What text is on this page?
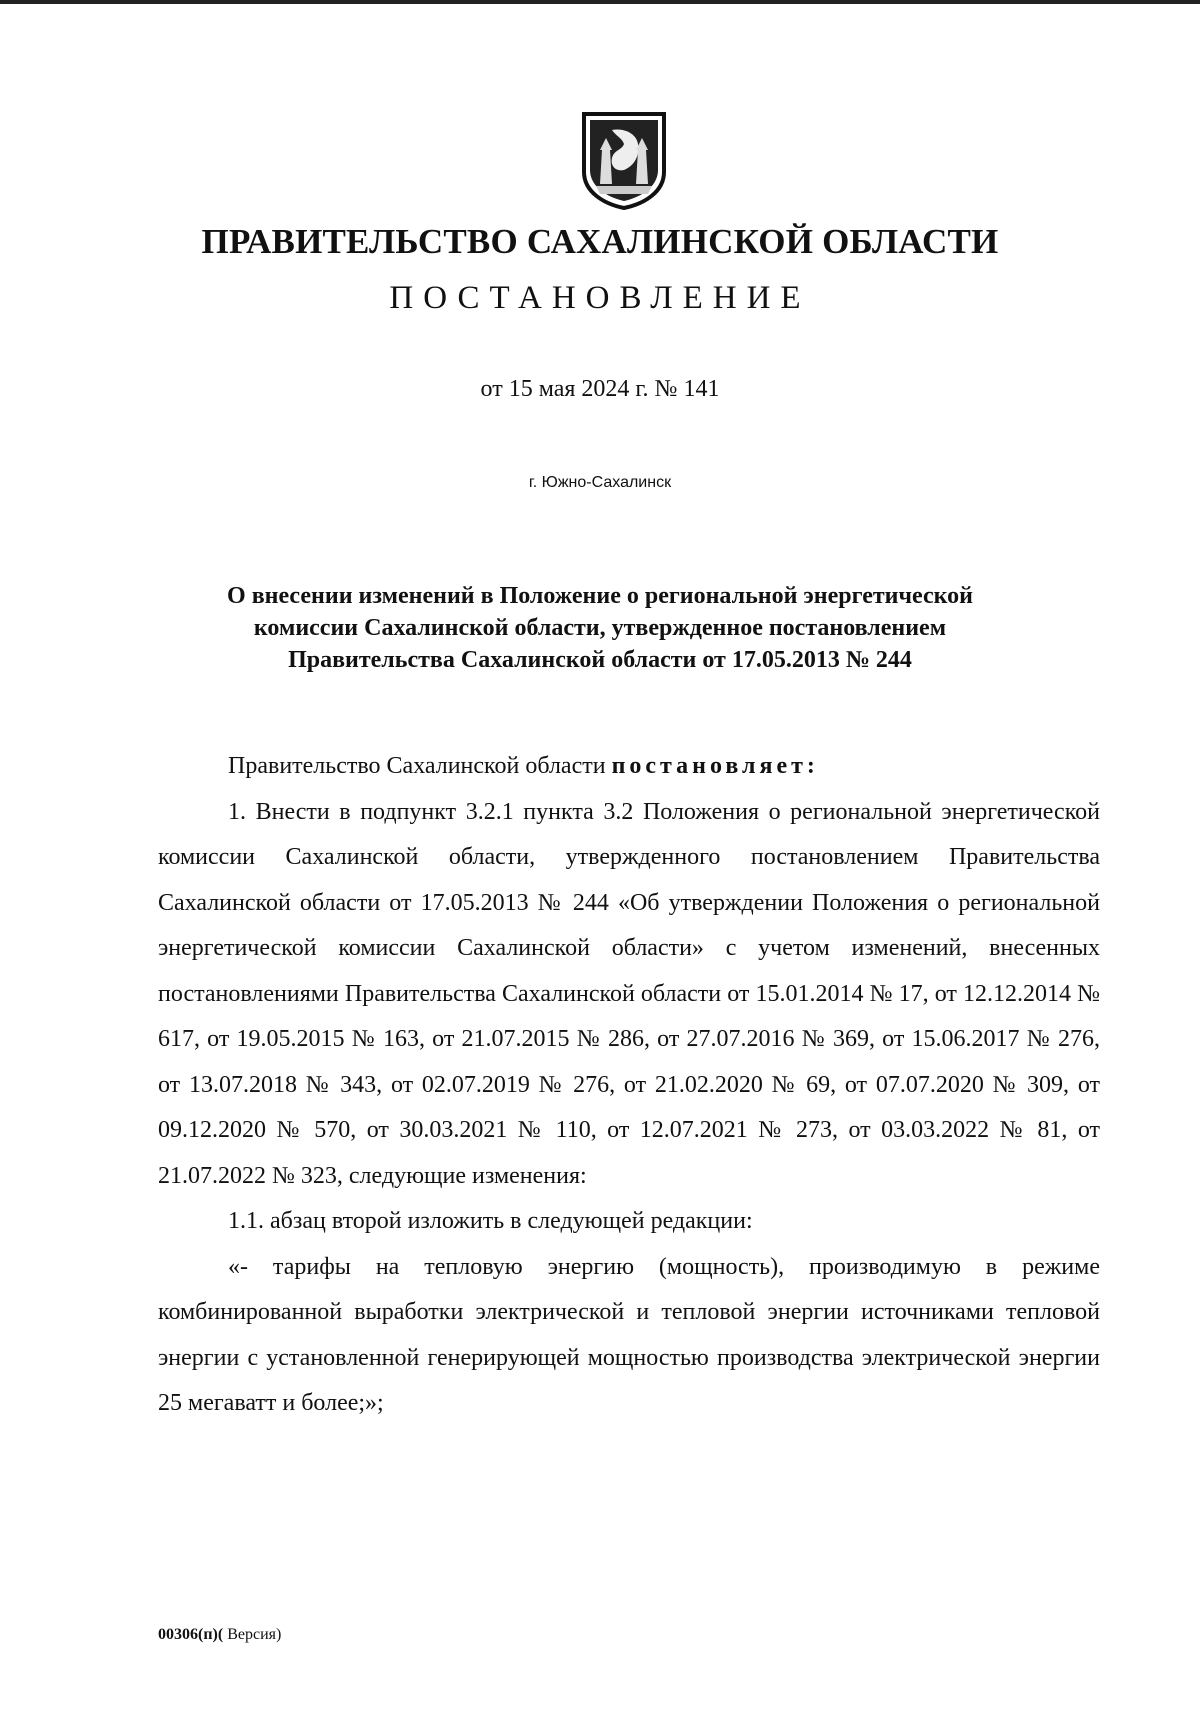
ПРАВИТЕЛЬСТВО САХАЛИНСКОЙ ОБЛАСТИ
ПОСТАНОВЛЕНИЕ
от 15 мая 2024 г. № 141
г. Южно-Сахалинск
О внесении изменений в Положение о региональной энергетической
комиссии Сахалинской области, утвержденное постановлением
Правительства Сахалинской области от 17.05.2013 № 244

Правительство Сахалинской области постановляет:

1. Внести в подпункт 3.2.1 пункта 3.2 Положения о региональной энергетической комиссии Сахалинской области, утвержденного постановлением Правительства Сахалинской области от 17.05.2013 № 244 «Об утверждении Положения о региональной энергетической комиссии Сахалинской области» с учетом изменений, внесенных постановлениями Правительства Сахалинской области от 15.01.2014 № 17, от 12.12.2014 № 617, от 19.05.2015 № 163, от 21.07.2015 № 286, от 27.07.2016 № 369, от 15.06.2017 № 276, от 13.07.2018 № 343, от 02.07.2019 № 276, от 21.02.2020 № 69, от 07.07.2020 № 309, от 09.12.2020 № 570, от 30.03.2021 № 110, от 12.07.2021 № 273, от 03.03.2022 № 81, от 21.07.2022 № 323, следующие изменения:

1.1. абзац второй изложить в следующей редакции:

«- тарифы на тепловую энергию (мощность), производимую в режиме комбинированной выработки электрической и тепловой энергии источниками тепловой энергии с установленной генерирующей мощностью производства электрической энергии 25 мегаватт и более;»;

00306(п)( Версия)
